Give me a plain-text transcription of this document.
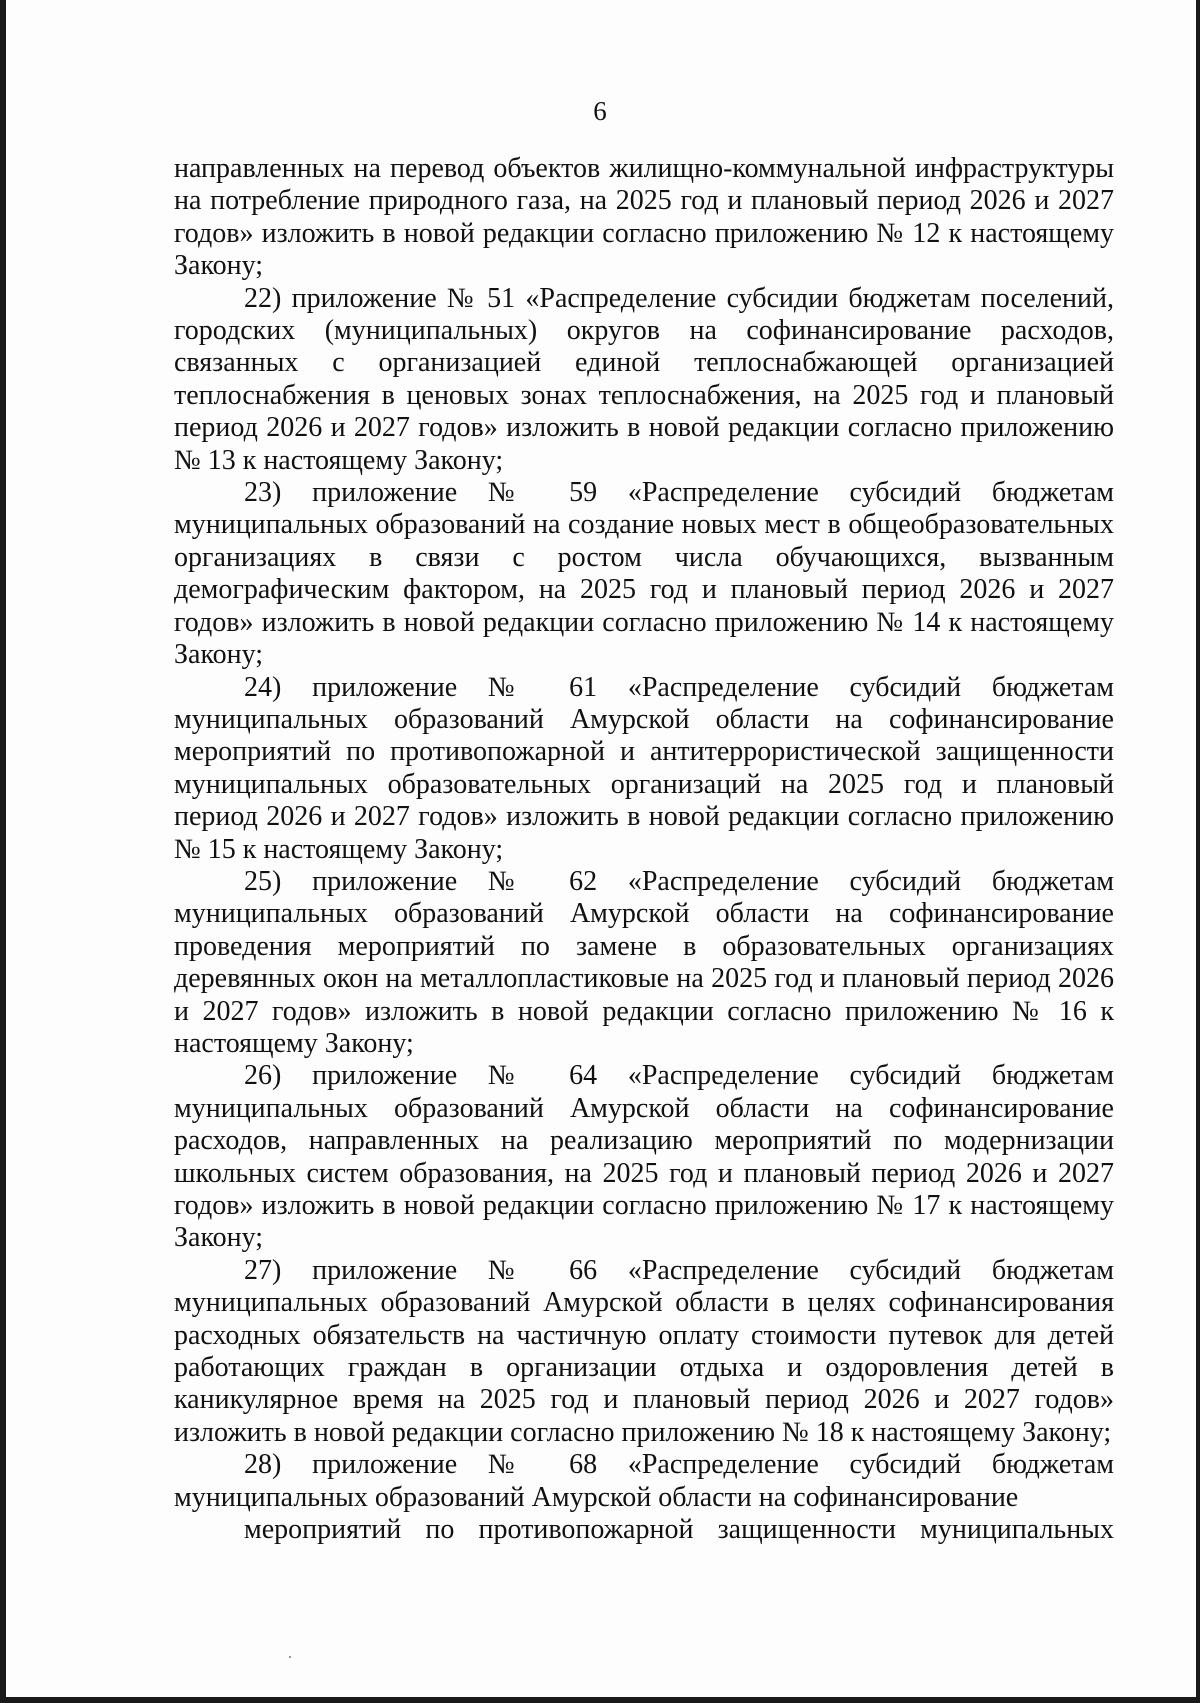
6

направленных на перевод объектов жилищно-коммунальной инфраструктуры на потребление природного газа, на 2025 год и плановый период 2026 и 2027 годов» изложить в новой редакции согласно приложению № 12 к настоящему Закону;

22) приложение № 51 «Распределение субсидии бюджетам поселений, городских (муниципальных) округов на софинансирование расходов, связанных с организацией единой теплоснабжающей организацией теплоснабжения в ценовых зонах теплоснабжения, на 2025 год и плановый период 2026 и 2027 годов» изложить в новой редакции согласно приложению № 13 к настоящему Закону;

23) приложение № 59 «Распределение субсидий бюджетам муниципальных образований на создание новых мест в общеобразовательных организациях в связи с ростом числа обучающихся, вызванным демографическим фактором, на 2025 год и плановый период 2026 и 2027 годов» изложить в новой редакции согласно приложению № 14 к настоящему Закону;

24) приложение № 61 «Распределение субсидий бюджетам муниципальных образований Амурской области на софинансирование мероприятий по противопожарной и антитеррористической защищенности муниципальных образовательных организаций на 2025 год и плановый период 2026 и 2027 годов» изложить в новой редакции согласно приложению № 15 к настоящему Закону;

25) приложение № 62 «Распределение субсидий бюджетам муниципальных образований Амурской области на софинансирование проведения мероприятий по замене в образовательных организациях деревянных окон на металлопластиковые на 2025 год и плановый период 2026 и 2027 годов» изложить в новой редакции согласно приложению № 16 к настоящему Закону;

26) приложение № 64 «Распределение субсидий бюджетам муниципальных образований Амурской области на софинансирование расходов, направленных на реализацию мероприятий по модернизации школьных систем образования, на 2025 год и плановый период 2026 и 2027 годов» изложить в новой редакции согласно приложению № 17 к настоящему Закону;

27) приложение № 66 «Распределение субсидий бюджетам муниципальных образований Амурской области в целях софинансирования расходных обязательств на частичную оплату стоимости путевок для детей работающих граждан в организации отдыха и оздоровления детей в каникулярное время на 2025 год и плановый период 2026 и 2027 годов» изложить в новой редакции согласно приложению № 18 к настоящему Закону;

28) приложение № 68 «Распределение субсидий бюджетам муниципальных образований Амурской области на софинансирование
мероприятий по противопожарной защищенности муниципальных
